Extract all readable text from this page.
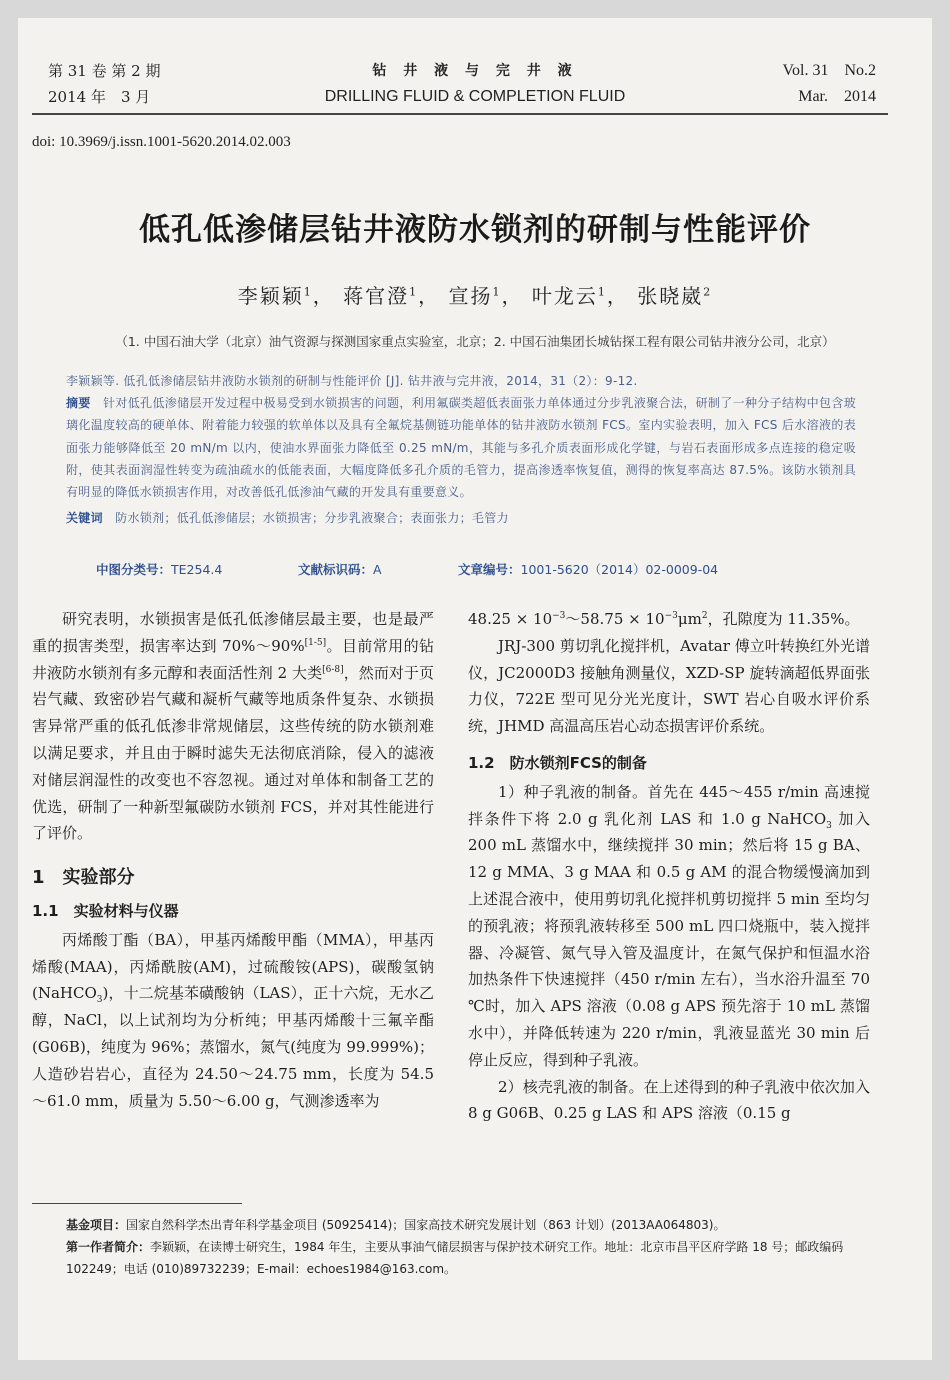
第 31 卷 第 2 期
2014 年　3 月
钻 井 液 与 完 井 液
DRILLING FLUID & COMPLETION FLUID
Vol. 31　No.2
Mar.　2014
doi: 10.3969/j.issn.1001-5620.2014.02.003
低孔低渗储层钻井液防水锁剂的研制与性能评价
李颖颖$^1$， 蒋官澄$^1$， 宣扬$^1$， 叶龙云$^1$， 张晓崴$^2$
（1. 中国石油大学（北京）油气资源与探测国家重点实验室，北京；2. 中国石油集团长城钻探工程有限公司钻井液分公司，北京）
李颖颖等. 低孔低渗储层钻井液防水锁剂的研制与性能评价 [J]. 钻井液与完井液，2014，31（2）：9-12.
摘要　 针对低孔低渗储层开发过程中极易受到水锁损害的问题，利用氟碳类超低表面张力单体通过分步乳液聚合法，研制了一种分子结构中包含玻璃化温度较高的硬单体、附着能力较强的软单体以及具有全氟烷基侧链功能单体的钻井液防水锁剂 FCS。室内实验表明，加入 FCS 后水溶液的表面张力能够降低至 20 mN/m 以内，使油水界面张力降低至 0.25 mN/m，其能与多孔介质表面形成化学键，与岩石表面形成多点连接的稳定吸附，使其表面润湿性转变为疏油疏水的低能表面，大幅度降低多孔介质的毛管力，提高渗透率恢复值，测得的恢复率高达 87.5%。该防水锁剂具有明显的降低水锁损害作用，对改善低孔低渗油气藏的开发具有重要意义。
关键词　 防水锁剂；低孔低渗储层；水锁损害；分步乳液聚合；表面张力；毛管力
中图分类号：TE254.4	文献标识码：A	文章编号：1001-5620（2014）02-0009-04

研究表明，水锁损害是低孔低渗储层最主要，也是最严重的损害类型，损害率达到 70%～90%[1-5]。目前常用的钻井液防水锁剂有多元醇和表面活性剂 2 大类[6-8]，然而对于页岩气藏、致密砂岩气藏和凝析气藏等地质条件复杂、水锁损害异常严重的低孔低渗非常规储层，这些传统的防水锁剂难以满足要求，并且由于瞬时滤失无法彻底消除，侵入的滤液对储层润湿性的改变也不容忽视。通过对单体和制备工艺的优选，研制了一种新型氟碳防水锁剂 FCS，并对其性能进行了评价。

1　实验部分

1.1　实验材料与仪器

丙烯酸丁酯（BA），甲基丙烯酸甲酯（MMA），甲基丙烯酸(MAA)，丙烯酰胺(AM)，过硫酸铵(APS)，碳酸氢钠(NaHCO$_3$)，十二烷基苯磺酸钠（LAS），正十六烷，无水乙醇，NaCl，以上试剂均为分析纯；甲基丙烯酸十三氟辛酯(G06B)，纯度为 96%；蒸馏水，氮气(纯度为 99.999%)；人造砂岩岩心，直径为 24.50～24.75 mm，长度为 54.5～61.0 mm，质量为 5.50～6.00 g，气测渗透率为

$48.25 \times 10^{-3}\sim 58.75 \times 10^{-3}\mu m^2$，孔隙度为 11.35%。

JRJ-300 剪切乳化搅拌机，Avatar 傅立叶转换红外光谱仪，JC2000D3 接触角测量仪，XZD-SP 旋转滴超低界面张力仪，722E 型可见分光光度计，SWT 岩心自吸水评价系统，JHMD 高温高压岩心动态损害评价系统。

1.2　防水锁剂FCS的制备

1）种子乳液的制备。首先在 445～455 r/min 高速搅拌条件下将 2.0 g 乳化剂 LAS 和 1.0 g NaHCO$_3$ 加入 200 mL 蒸馏水中，继续搅拌 30 min；然后将 15 g BA、12 g MMA、3 g MAA 和 0.5 g AM 的混合物缓慢滴加到上述混合液中，使用剪切乳化搅拌机剪切搅拌 5 min 至均匀的预乳液；将预乳液转移至 500 mL 四口烧瓶中，装入搅拌器、冷凝管、氮气导入管及温度计，在氮气保护和恒温水浴加热条件下快速搅拌（450 r/min 左右），当水浴升温至 70 ℃时，加入 APS 溶液（0.08 g APS 预先溶于 10 mL 蒸馏水中），并降低转速为 220 r/min，乳液显蓝光 30 min 后停止反应，得到种子乳液。

2）核壳乳液的制备。在上述得到的种子乳液中依次加入 8 g G06B、0.25 g LAS 和 APS 溶液（0.15 g

基金项目：国家自然科学杰出青年科学基金项目 (50925414)；国家高技术研究发展计划（863 计划）(2013AA064803)。
第一作者简介：李颖颖，在读博士研究生，1984 年生，主要从事油气储层损害与保护技术研究工作。地址：北京市昌平区府学路 18 号；邮政编码 102249；电话 (010)89732239；E-mail：echoes1984@163.com。
